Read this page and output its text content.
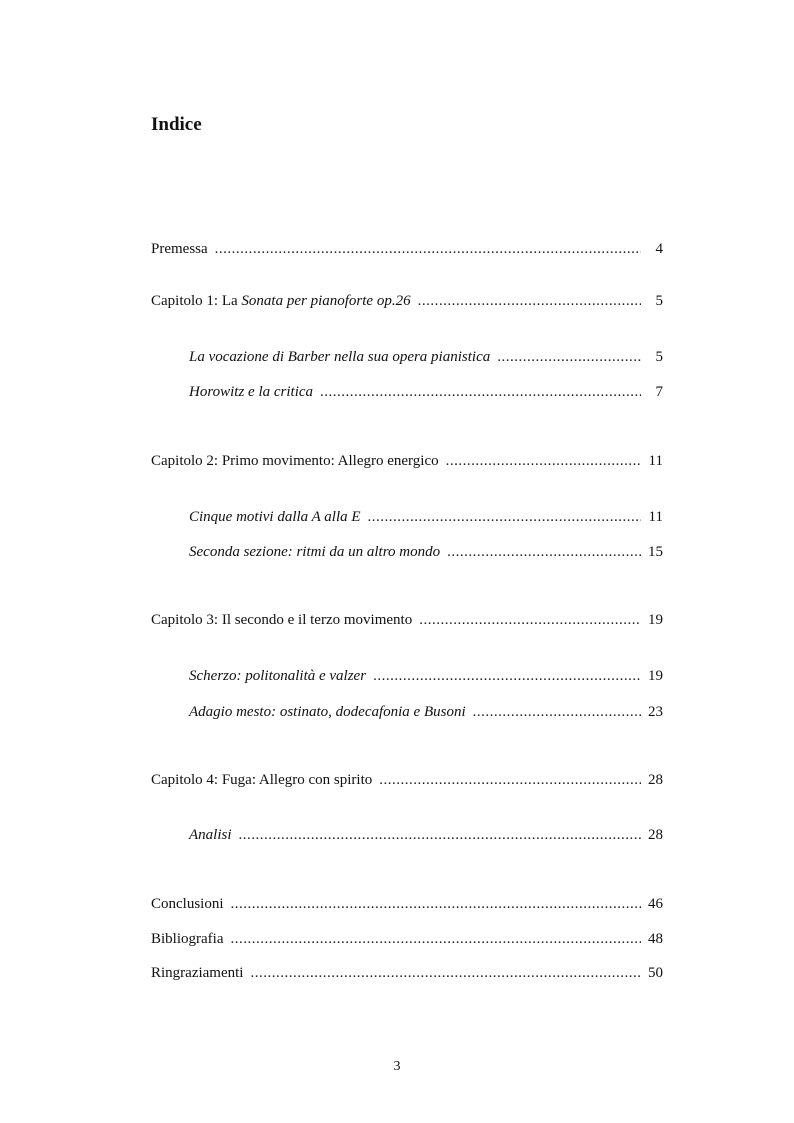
Indice
Premessa .....	4
Capitolo 1: La Sonata per pianoforte op.26 .....	5
La vocazione di Barber nella sua opera pianistica .....	5
Horowitz e la critica .....	7
Capitolo 2: Primo movimento: Allegro energico .....	11
Cinque motivi dalla A alla E .....	11
Seconda sezione: ritmi da un altro mondo .....	15
Capitolo 3: Il secondo e il terzo movimento .....	19
Scherzo: politonalità e valzer .....	19
Adagio mesto: ostinato, dodecafonia e Busoni .....	23
Capitolo 4: Fuga: Allegro con spirito .....	28
Analisi .....	28
Conclusioni .....	46
Bibliografia .....	48
Ringraziamenti .....	50
3
